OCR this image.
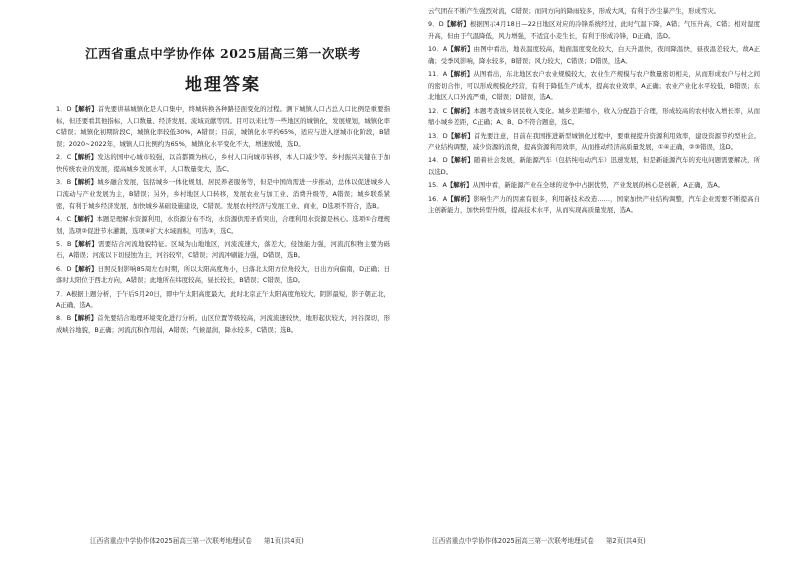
江西省重点中学协作体 2025届高三第一次联考
地理答案

1．D【解析】首先要讲基城镇化是人口集中，终城转换各种路径面变化的过程。测下城镇人口占总人口比例是重要指标，但还要看其他指标，人口数量、经济发展、流域贡献等因。目可以来比等一些地区的城镇化，发展规划，城镇化率C错误；城镇化初期阶段C，城镇化率较低30%，A错误；目前，城镇化水平约65%，适应与进入逆城市化阶段，B错误；2020~2022年，城镇人口比例约为65%，城镇化水平变化不大，增速放缓，选D。

2．C【解析】发达的国中心城市较强，以首都圈为核心，乡村人口向城市转移，本人口减少等。乡村振兴关键在于加快传统农业的发展，提高城乡发展水平，人口数量变大，选C。

3．B【解析】城乡融合发展，包括城乡一体化规划、居民养老服务等，但是中国尚需进一步推动，总体以促进城乡人口流动与产业发展为主，B错误；另外，乡村地区人口转移，发展农业与加工业、消费升级等，A错误；城乡联系紧密，有利于城乡经济发展，加快城乡基础设施建设，C错误。发展农村经济与发展工业、商业，D选项不符合，选B。

4．C【解析】本题是理解水资源利用，水资源分布不均，水资源供需矛盾突出，合理利用水资源是核心。选项①合理规划，选项②促进节水灌溉，选项④扩大水域面积，可选③，选C。

5．B【解析】需要结合河流地貌特征。区域为山地地区，河流流速大，落差大，侵蚀能力强，河流沉积物主要为砾石，A错误；河流以下切侵蚀为主，河谷较窄，C错误；河流冲刷能力强，D错误，选B。

6．D【解析】日照反射影响85周左右时期，所以太阳高度角小，日落北太阳方位角较大，日出方向偏南，D正确；日落时太阳位于西北方向，A错误；此地所在纬度较高，昼长较长，B错误；C错误，选D。

7．A根据上题分析，于午后5月20日，即中午太阳高度最大，此时北京正午太阳高度角较大，阴影最短，影子朝正北，A正确，选A。

8．B【解析】首先要结合地理环境变化进行分析。山区位置等级较高，河流流速较快，地形起伏较大，河谷深切，形成峡谷地貌，B正确；河流沉积作用弱，A错误；气候湿润，降水较多，C错误；选B。

江西省重点中学协作体2025届高三第一次联考地理试卷 第1页(共4页)

云气团在不断产生强烈对流，C错误；而同方向的降雨较多，形成大风，有利于沙尘暴产生，形成雪灾。

9．D【解析】根据图示4月18日—22日地区对应的冷锋系统经过，此时气温下降，A错；气压升高，C错；相对湿度升高，但由于气温降低，风力增强，不适宜小麦生长，有利于形成冷锋，D正确，选D。

10．A【解析】由图中看出，地表温度较高，地面温度变化较大，白天升温快，夜间降温快，昼夜温差较大，故A正确；受季风影响，降水较多，B错误；风力较大，C错误；D错误，选A。

11．A【解析】从图看出，东北地区农户农业规模较大，农业生产规模与农户数量密切相关，从而形成农户与村之间的密切合作，可以形成规模化经营，有利于降低生产成本，提高农业效率，A正确；农业产业化水平较低，B错误；东北地区人口外流严重，C错误；D错误，选A。

12．C【解析】本题考查城乡居民收入变化。城乡差距缩小，收入分配趋于合理，形成较高的农村收入增长率，从而缩小城乡差距，C正确；A、B、D不符合题意，选C。

13．D【解析】首先要注意，目前在我国推进新型城镇化过程中，要重视提升资源利用效率，建设资源节约型社会。产业结构调整，减少资源的浪费，提高资源利用效率，从而推动经济高质量发展，①④正确，②③错误，选D。

14．D【解析】随着社会发展，新能源汽车（包括纯电动汽车）迅速发展，但是新能源汽车的充电问题需要解决，所以选D。

15．A【解析】从图中看，新能源产业在全球的竞争中占据优势，产业发展的核心是创新，A正确，选A。

16．A【解析】影响生产力的因素有很多，利用新技术改造……，国家加快产业结构调整，汽车企业需要不断提高自主创新能力，加快转型升级，提高技术水平，从而实现高质量发展，选A。

江西省重点中学协作体2025届高三第一次联考地理试卷 第2页(共4页)
